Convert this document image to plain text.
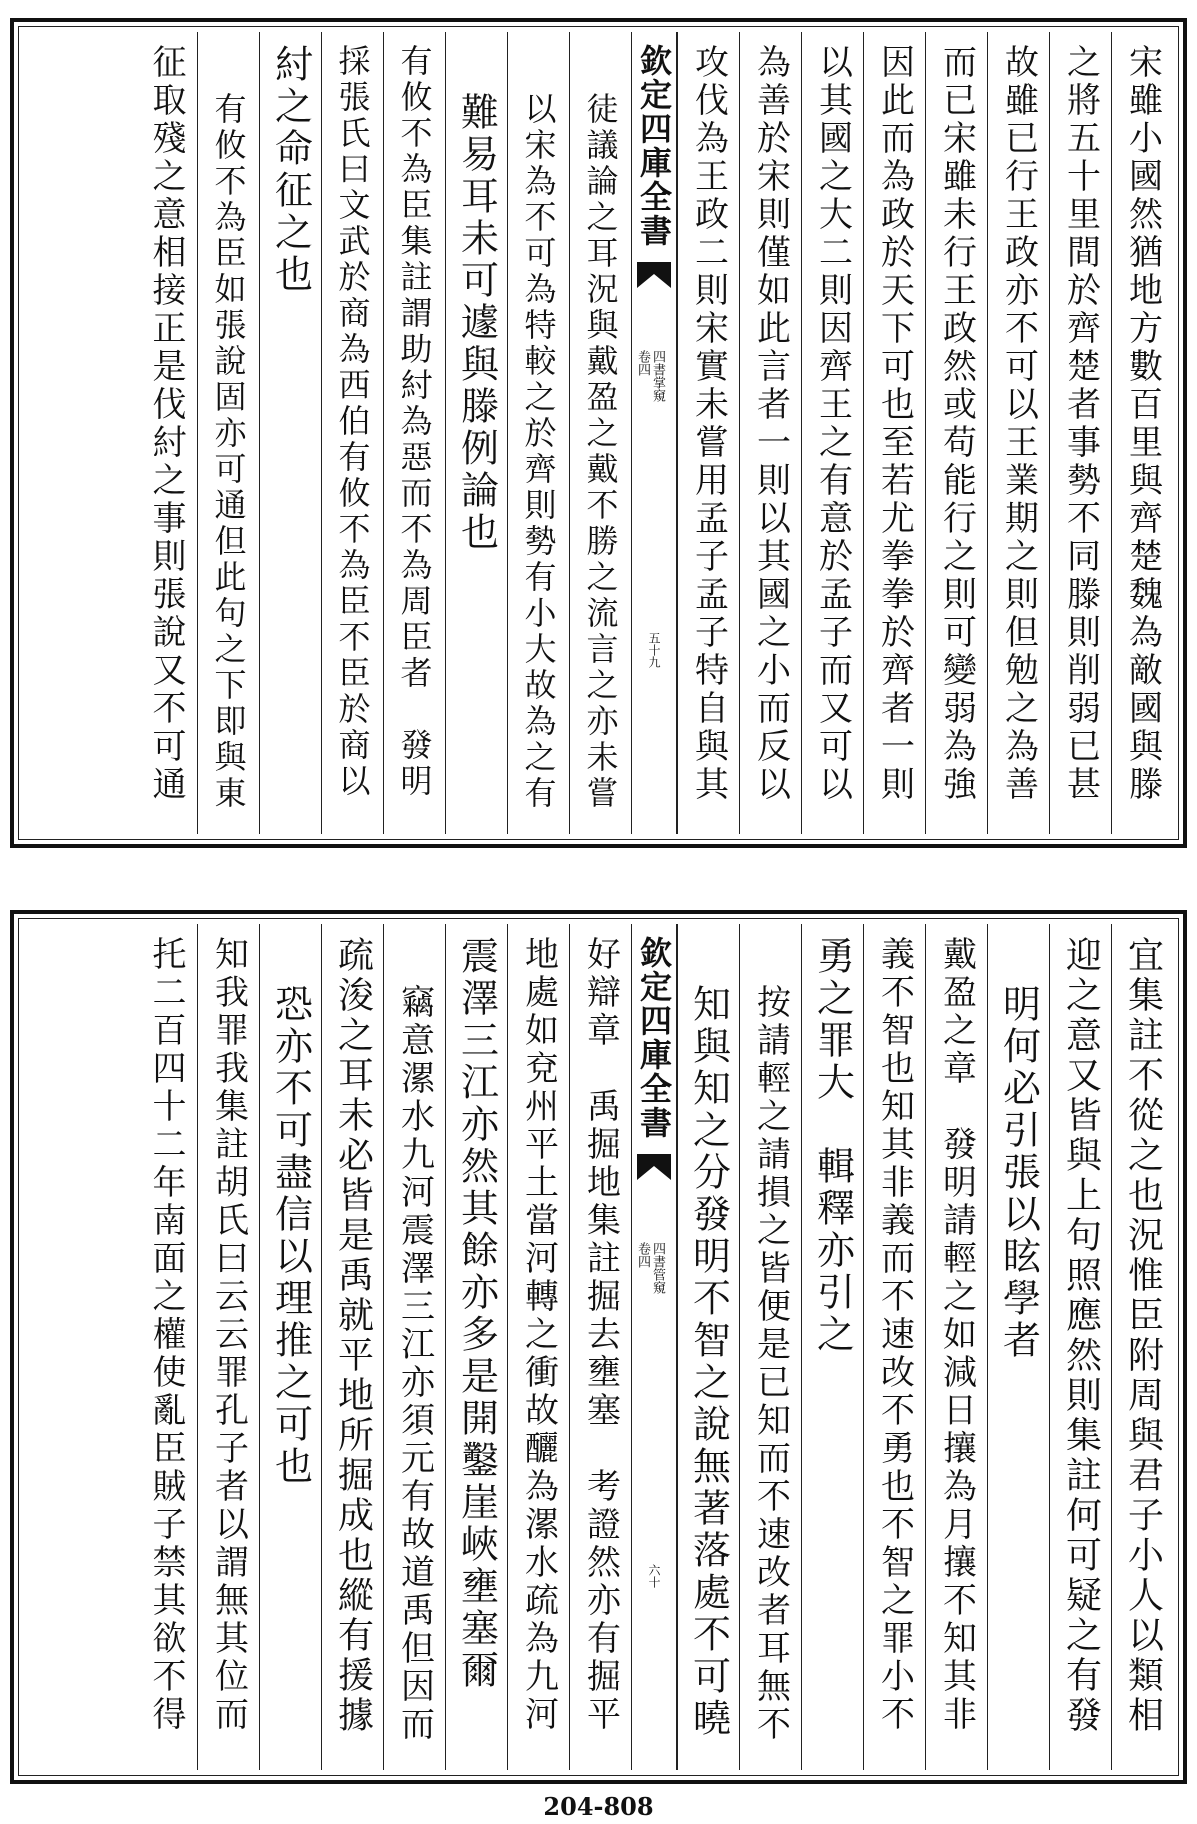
宋雖小國然猶地方數百里與齊楚魏為敵國與滕
之將五十里間於齊楚者事勢不同滕則削弱已甚
故雖已行王政亦不可以王業期之則但勉之為善
而已宋雖未行王政然或苟能行之則可變弱為強
因此而為政於天下可也至若尤拳拳於齊者一則
以其國之大二則因齊王之有意於孟子而又可以
為善於宋則僅如此言者一則以其國之小而反以
攻伐為王政二則宋實未嘗用孟子孟子特自與其
欽定四庫全書
四書掌窺
卷四
五十九
徒議論之耳況與戴盈之戴不勝之流言之亦未嘗
以宋為不可為特較之於齊則勢有小大故為之有
難易耳未可遽與滕例論也
有攸不為臣集註謂助紂為惡而不為周臣者　發明
採張氏曰文武於商為西伯有攸不為臣不臣於商以
紂之命征之也
有攸不為臣如張說固亦可通但此句之下即與東
征取殘之意相接正是伐紂之事則張說又不可通
宜集註不從之也況惟臣附周與君子小人以類相
迎之意又皆與上句照應然則集註何可疑之有發
明何必引張以眩學者
戴盈之章　發明請輕之如減日攘為月攘不知其非
義不智也知其非義而不速改不勇也不智之罪小不
勇之罪大　輯釋亦引之
按請輕之請損之皆便是已知而不速改者耳無不
知與知之分發明不智之說無著落處不可曉
欽定四庫全書
四書管窺
卷四
六十
好辯章　禹掘地集註掘去壅塞　考證然亦有掘平
地處如兗州平土當河轉之衝故釃為漯水疏為九河
震澤三江亦然其餘亦多是開鑿崖峽壅塞爾
竊意漯水九河震澤三江亦須元有故道禹但因而
疏浚之耳未必皆是禹就平地所掘成也縱有援據
恐亦不可盡信以理推之可也
知我罪我集註胡氏曰云云罪孔子者以謂無其位而
托二百四十二年南面之權使亂臣賊子禁其欲不得
204-808
